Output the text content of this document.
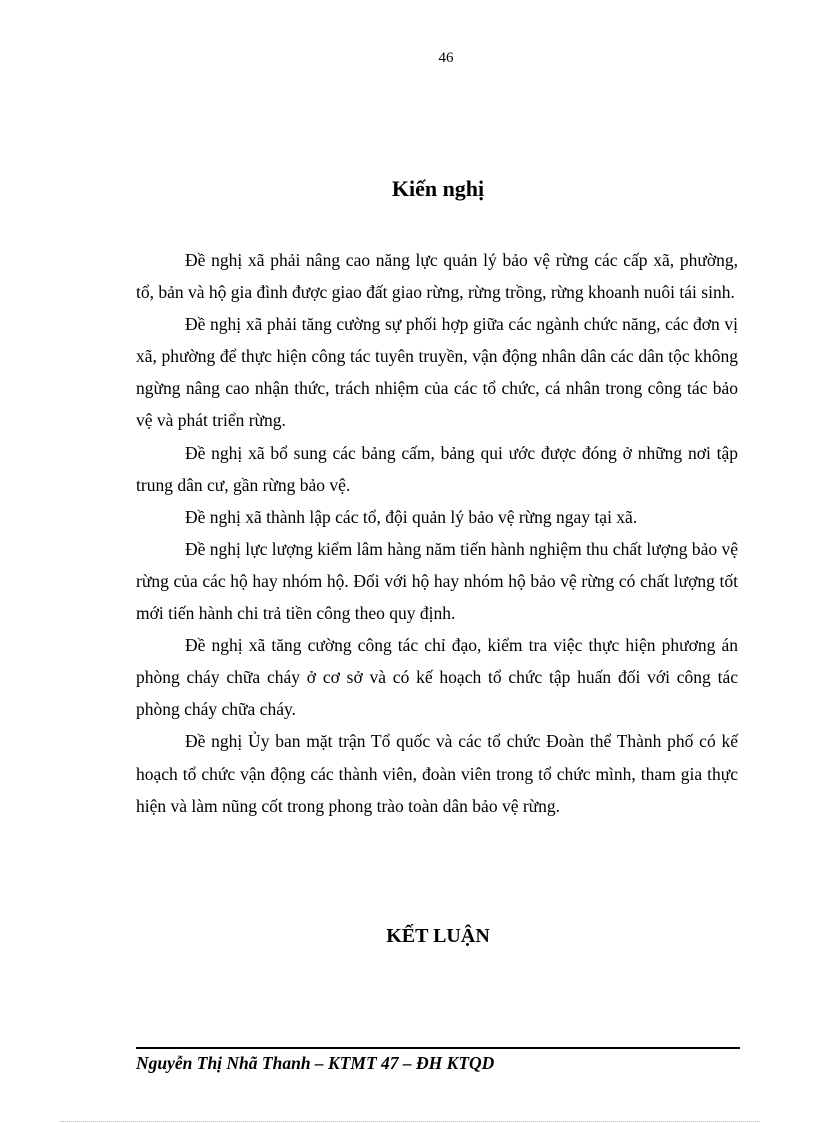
46
Kiến nghị

Đề nghị xã phải nâng cao năng lực quản lý bảo vệ rừng các cấp xã, phường, tổ, bản và hộ gia đình được giao đất giao rừng, rừng trồng, rừng khoanh nuôi tái sinh.

Đề nghị xã phải tăng cường sự phối hợp giữa các ngành chức năng, các đơn vị xã, phường để thực hiện công tác tuyên truyền, vận động nhân dân các dân tộc không ngừng nâng cao nhận thức, trách nhiệm của các tổ chức, cá nhân trong công tác bảo vệ và phát triển rừng.

Đề nghị xã bổ sung các bảng cấm, bảng qui ước được đóng ở những nơi tập trung dân cư, gần rừng bảo vệ.

Đề nghị xã thành lập các tổ, đội quản lý bảo vệ rừng ngay tại xã.

Đề nghị lực lượng kiểm lâm hàng năm tiến hành nghiệm thu chất lượng bảo vệ rừng của các hộ hay nhóm hộ. Đối với hộ hay nhóm hộ bảo vệ rừng có chất lượng tốt mới tiến hành chi trả tiền công theo quy định.

Đề nghị xã tăng cường công tác chỉ đạo, kiểm tra việc thực hiện phương án phòng cháy chữa cháy ở cơ sở và có kế hoạch tổ chức tập huấn đối với công tác phòng cháy chữa cháy.

Đề nghị Ủy ban mặt trận Tổ quốc và các tổ chức Đoàn thể Thành phố có kế hoạch tổ chức vận động các thành viên, đoàn viên trong tổ chức mình, tham gia thực hiện và làm nũng cốt trong phong trào toàn dân bảo vệ rừng.

KẾT LUẬN
Nguyễn Thị Nhã Thanh – KTMT 47 – ĐH KTQD
